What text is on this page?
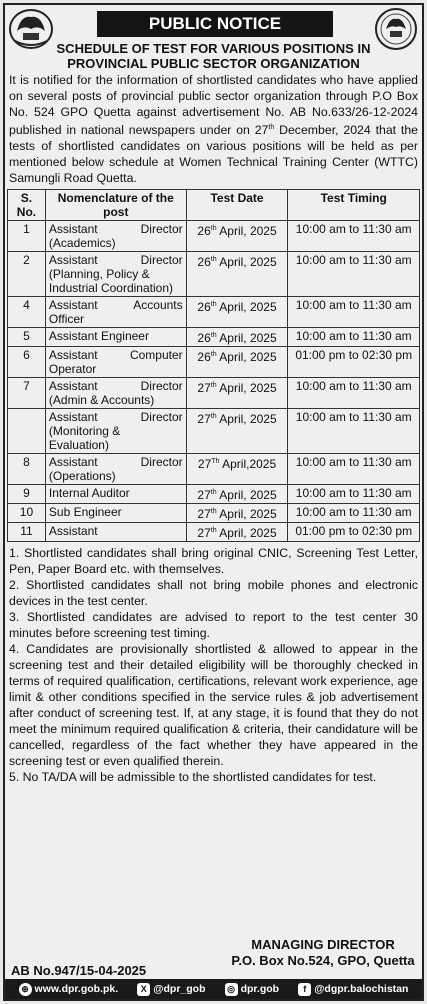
PUBLIC NOTICE
SCHEDULE OF TEST FOR VARIOUS POSITIONS IN
PROVINCIAL PUBLIC SECTOR ORGANIZATION
It is notified for the information of shortlisted candidates who have applied on several posts of provincial public sector organization through P.O Box No. 524 GPO Quetta against advertisement No. AB No.633/26-12-2024 published in national newspapers under on 27th December, 2024 that the tests of shortlisted candidates on various positions will be held as per mentioned below schedule at Women Technical Training Center (WTTC) Samungli Road Quetta.
S.
No.	Nomenclature of the
post	Test Date	Test Timing
1	Assistant Director
(Academics)	26th April, 2025	10:00 am to 11:30 am
2	Assistant Director
(Planning, Policy &
Industrial Coordination)	26th April, 2025	10:00 am to 11:30 am
4	Assistant Accounts
Officer	26th April, 2025	10:00 am to 11:30 am
5	Assistant Engineer	26th April, 2025	10:00 am to 11:30 am
6	Assistant Computer
Operator	26th April, 2025	01:00 pm to 02:30 pm
7	Assistant Director
(Admin & Accounts)	27th April, 2025	10:00 am to 11:30 am

	Assistant Director
(Monitoring &
Evaluation)	27th April, 2025	10:00 am to 11:30 am
8	Assistant Director
(Operations)	27Th April,2025	10:00 am to 11:30 am
9	Internal Auditor	27th April, 2025	10:00 am to 11:30 am
10	Sub Engineer	27th April, 2025	10:00 am to 11:30 am
11	Assistant	27th April, 2025	01:00 pm to 02:30 pm

1. Shortlisted candidates shall bring original CNIC, Screening Test Letter, Pen, Paper Board etc. with themselves.

2. Shortlisted candidates shall not bring mobile phones and electronic devices in the test center.

3. Shortlisted candidates are advised to report to the test center 30 minutes before screening test timing.

4. Candidates are provisionally shortlisted & allowed to appear in the screening test and their detailed eligibility will be thoroughly checked in terms of required qualification, certifications, relevant work experience, age limit & other conditions specified in the service rules & job advertisement after conduct of screening test. If, at any stage, it is found that they do not meet the minimum required qualification & criteria, their candidature will be cancelled, regardless of the fact whether they have appeared in the screening test or even qualified therein.

5. No TA/DA will be admissible to the shortlisted candidates for test.

MANAGING DIRECTOR
P.O. Box No.524, GPO, Quetta
AB No.947/15-04-2025
⊕ www.dpr.gob.pk.	X @dpr_gob ◎ dpr.gob	f @dgpr.balochistan
